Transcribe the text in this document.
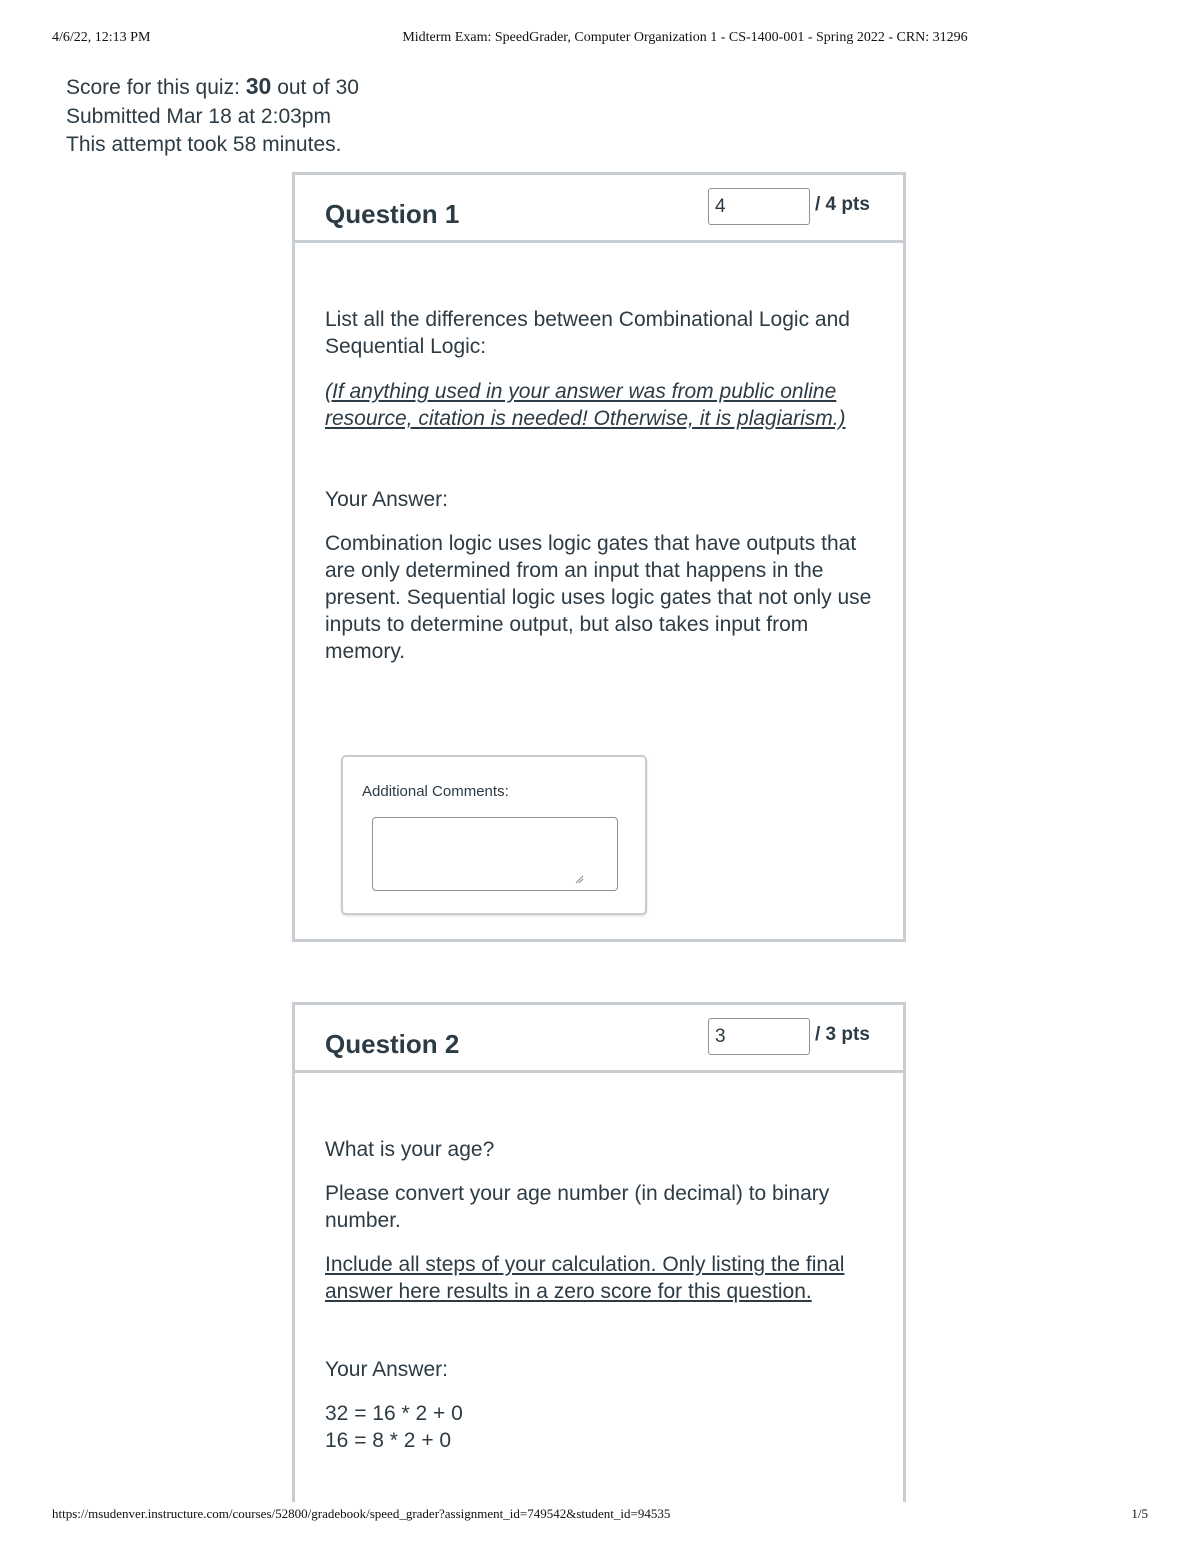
4/6/22, 12:13 PM	Midterm Exam: SpeedGrader, Computer Organization 1 - CS-1400-001 - Spring 2022 - CRN: 31296
Score for this quiz: 30 out of 30
Submitted Mar 18 at 2:03pm
This attempt took 58 minutes.
Question 1
4	/ 4 pts

List all the differences between Combinational Logic and Sequential Logic:

(If anything used in your answer was from public online resource, citation is needed! Otherwise, it is plagiarism.)

Your Answer:

Combination logic uses logic gates that have outputs that are only determined from an input that happens in the present. Sequential logic uses logic gates that not only use inputs to determine output, but also takes input from memory.

Additional Comments:
Question 2
3	/ 3 pts

What is your age?

Please convert your age number (in decimal) to binary number.

Include all steps of your calculation. Only listing the final answer here results in a zero score for this question.

Your Answer:

32 = 16 * 2 + 0

16 = 8 * 2 + 0

https://msudenver.instructure.com/courses/52800/gradebook/speed_grader?assignment_id=749542&student_id=94535	1/5
